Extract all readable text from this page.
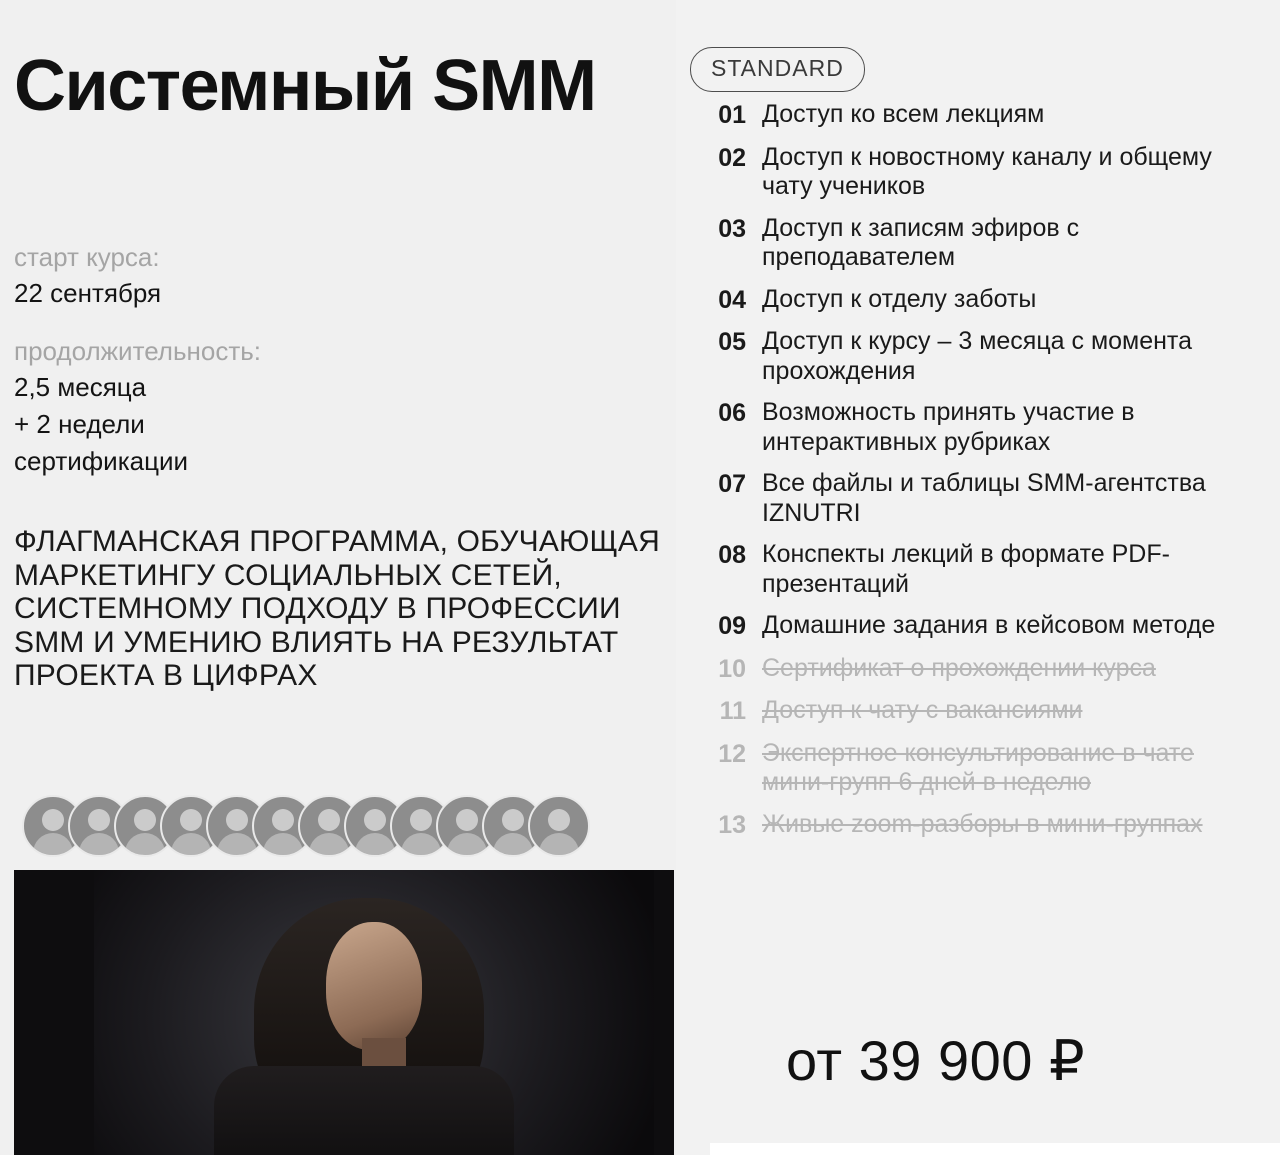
Системный SMM
старт курса:
22 сентября
продолжительность:
2,5 месяца
+ 2 недели
сертификации
ФЛАГМАНСКАЯ ПРОГРАММА, ОБУЧАЮЩАЯ МАРКЕТИНГУ СОЦИАЛЬНЫХ СЕТЕЙ, СИСТЕМНОМУ ПОДХОДУ В ПРОФЕССИИ SMM И УМЕНИЮ ВЛИЯТЬ НА РЕЗУЛЬТАТ ПРОЕКТА В ЦИФРАХ
STANDARD
01 Доступ ко всем лекциям
02 Доступ к новостному каналу и общему чату учеников
03 Доступ к записям эфиров с преподавателем
04 Доступ к отделу заботы
05 Доступ к курсу – 3 месяца с момента прохождения
06 Возможность принять участие в интерактивных рубриках
07 Все файлы и таблицы SMM-агентства IZNUTRI
08 Конспекты лекций в формате PDF-презентаций
09 Домашние задания в кейсовом методе
10 Сертификат о прохождении курса
11 Доступ к чату с вакансиями
12 Экспертное консультирование в чате мини-групп 6 дней в неделю
13 Живые zoom-разборы в мини-группах
от 39 900 ₽
